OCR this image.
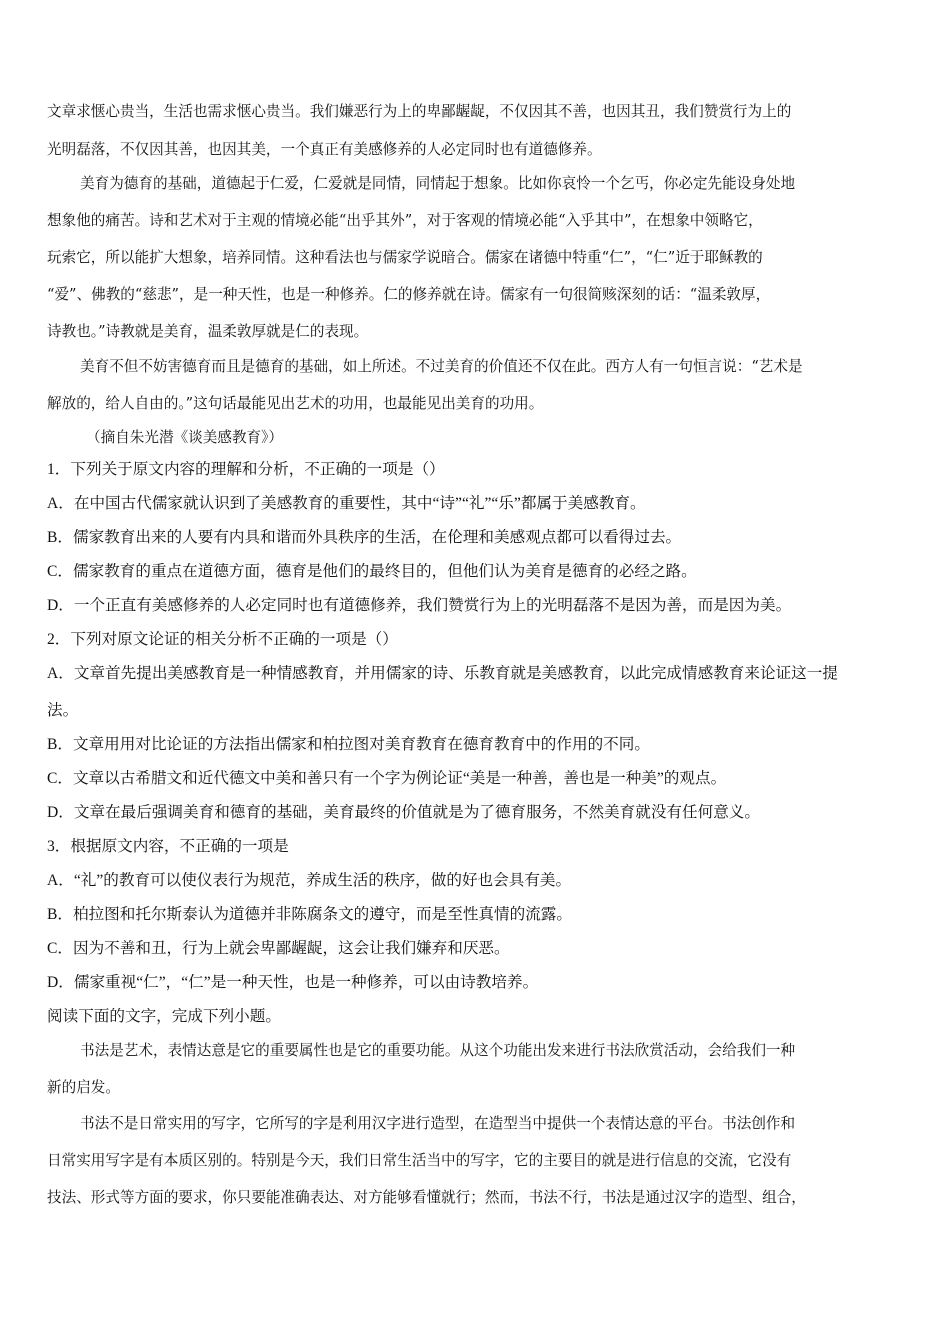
文章求惬心贵当，生活也需求惬心贵当。我们嫌恶行为上的卑鄙龌龊，不仅因其不善，也因其丑，我们赞赏行为上的
光明磊落，不仅因其善，也因其美，一个真正有美感修养的人必定同时也有道德修养。
美育为德育的基础，道德起于仁爱，仁爱就是同情，同情起于想象。比如你哀怜一个乞丐，你必定先能设身处地
想象他的痛苦。诗和艺术对于主观的情境必能“出乎其外”，对于客观的情境必能“入乎其中”，在想象中领略它，
玩索它，所以能扩大想象，培养同情。这种看法也与儒家学说暗合。儒家在诸德中特重“仁”，“仁”近于耶稣教的
“爱”、佛教的“慈悲”，是一种天性，也是一种修养。仁的修养就在诗。儒家有一句很简赅深刻的话：“温柔敦厚，
诗教也。”诗教就是美育，温柔敦厚就是仁的表现。
美育不但不妨害德育而且是德育的基础，如上所述。不过美育的价值还不仅在此。西方人有一句恒言说：“艺术是
解放的，给人自由的。”这句话最能见出艺术的功用，也最能见出美育的功用。
（摘自朱光潜《谈美感教育》）
1．下列关于原文内容的理解和分析，不正确的一项是（）
A．在中国古代儒家就认识到了美感教育的重要性，其中“诗”“礼”“乐”都属于美感教育。
B．儒家教育出来的人要有内具和谐而外具秩序的生活，在伦理和美感观点都可以看得过去。
C．儒家教育的重点在道德方面，德育是他们的最终目的，但他们认为美育是德育的必经之路。
D．一个正直有美感修养的人必定同时也有道德修养，我们赞赏行为上的光明磊落不是因为善，而是因为美。
2．下列对原文论证的相关分析不正确的一项是（）
A．文章首先提出美感教育是一种情感教育，并用儒家的诗、乐教育就是美感教育，以此完成情感教育来论证这一提
法。
B．文章用用对比论证的方法指出儒家和柏拉图对美育教育在德育教育中的作用的不同。
C．文章以古希腊文和近代德文中美和善只有一个字为例论证“美是一种善，善也是一种美”的观点。
D．文章在最后强调美育和德育的基础，美育最终的价值就是为了德育服务，不然美育就没有任何意义。
3．根据原文内容，不正确的一项是
A．“礼”的教育可以使仪表行为规范，养成生活的秩序，做的好也会具有美。
B．柏拉图和托尔斯泰认为道德并非陈腐条文的遵守，而是至性真情的流露。
C．因为不善和丑，行为上就会卑鄙龌龊，这会让我们嫌弃和厌恶。
D．儒家重视“仁”，“仁”是一种天性，也是一种修养，可以由诗教培养。
阅读下面的文字，完成下列小题。
书法是艺术，表情达意是它的重要属性也是它的重要功能。从这个功能出发来进行书法欣赏活动，会给我们一种
新的启发。
书法不是日常实用的写字，它所写的字是利用汉字进行造型，在造型当中提供一个表情达意的平台。书法创作和
日常实用写字是有本质区别的。特别是今天，我们日常生活当中的写字，它的主要目的就是进行信息的交流，它没有
技法、形式等方面的要求，你只要能准确表达、对方能够看懂就行；然而，书法不行，书法是通过汉字的造型、组合，
